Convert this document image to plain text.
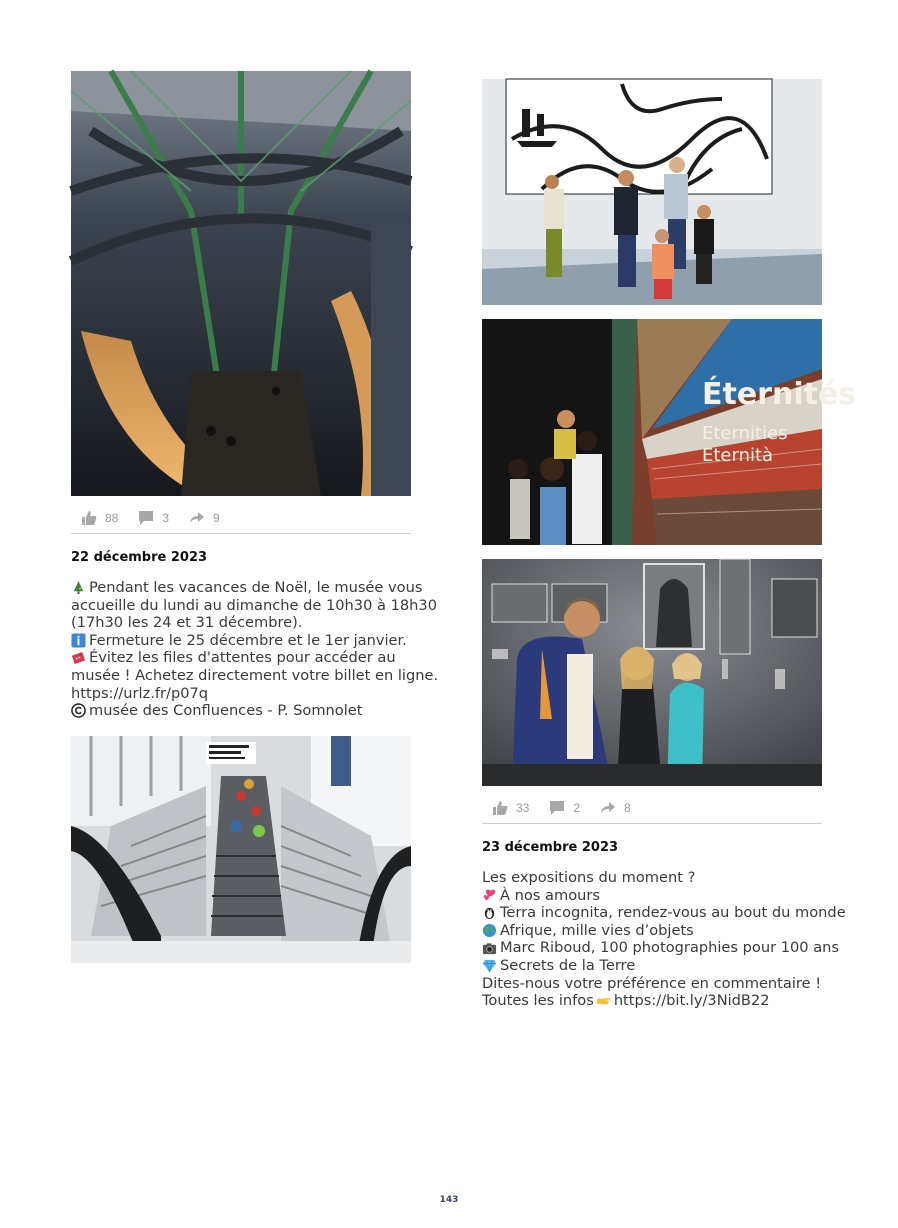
88	3	9
22 décembre 2023
Pendant les vacances de Noël, le musée vous
accueille du lundi au dimanche de 10h30 à 18h30
(17h30 les 24 et 31 décembre).
Fermeture le 25 décembre et le 1er janvier.
Évitez les files d'attentes pour accéder au
musée ! Achetez directement votre billet en ligne.
https://urlz.fr/p07q
musée des Confluences - P. Somnolet
Éternités
Eternities
Eternità
33	2	8
23 décembre 2023
Les expositions du moment ?
À nos amours
Terra incognita, rendez-vous au bout du monde
Afrique, mille vies d’objets
Marc Riboud, 100 photographies pour 100 ans
Secrets de la Terre
Dites-nous votre préférence en commentaire !
Toutes les infos https://bit.ly/3NidB22
143
